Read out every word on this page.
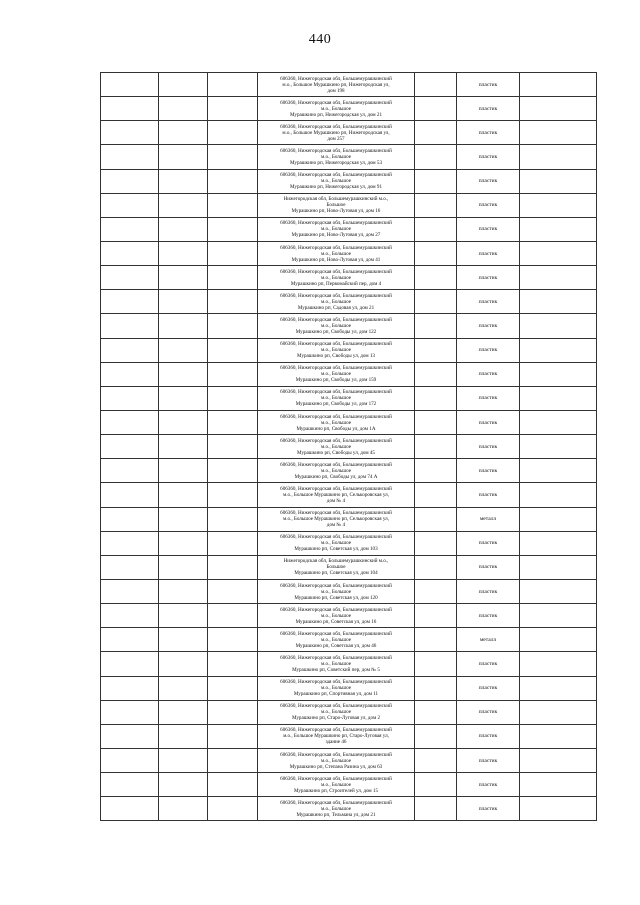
440
			606360, Нижегородская обл, Большемурашкинский
м.о., Большое Мурашкино рп, Нижегородская ул,
дом 198		пластик	
			606360, Нижегородская обл, Большемурашкинский
м.о., Большое
Мурашкино рп, Нижегородская ул, дом 21		пластик	
			606360, Нижегородская обл, Большемурашкинский
м.о., Большое Мурашкино рп, Нижегородская ул,
дом 257		пластик	
			606360, Нижегородская обл, Большемурашкинский
м.о., Большое
Мурашкино рп, Нижегородская ул, дом 53		пластик	
			606360, Нижегородская обл, Большемурашкинский
м.о., Большое
Мурашкино рп, Нижегородская ул, дом 91		пластик	
			Нижегородская обл, Большемурашкинский м.о.,
Большое
Мурашкино рп, Ново-Луговая ул, дом 16		пластик	
			606360, Нижегородская обл, Большемурашкинский
м.о., Большое
Мурашкино рп, Ново-Луговая ул, дом 27		пластик	
			606360, Нижегородская обл, Большемурашкинский
м.о., Большое
Мурашкино рп, Ново-Луговая ул, дом 41		пластик	
			606360, Нижегородская обл, Большемурашкинский
м.о., Большое
Мурашкино рп, Первомайский пер, дом 4		пластик	
			606360, Нижегородская обл, Большемурашкинский
м.о., Большое
Мурашкино рп, Садовая ул, дом 21		пластик	
			606360, Нижегородская обл, Большемурашкинский
м.о., Большое
Мурашкино рп, Свободы ул, дом 122		пластик	
			606360, Нижегородская обл, Большемурашкинский
м.о., Большое
Мурашкино рп, Свободы ул, дом 13		пластик	
			606360, Нижегородская обл, Большемурашкинский
м.о., Большое
Мурашкино рп, Свободы ул, дом 159		пластик	
			606360, Нижегородская обл, Большемурашкинский
м.о., Большое
Мурашкино рп, Свободы ул, дом 172		пластик	
			606360, Нижегородская обл, Большемурашкинский
м.о., Большое
Мурашкино рп, Свободы ул, дом 1А		пластик	
			606360, Нижегородская обл, Большемурашкинский
м.о., Большое
Мурашкино рп, Свободы ул, дом 45		пластик	
			606360, Нижегородская обл, Большемурашкинский
м.о., Большое
Мурашкино рп, Свободы ул, дом 74 А		пластик	
			606360, Нижегородская обл, Большемурашкинский
м.о., Большое Мурашкино рп, Селькоровская ул,
дом № 4		пластик	
			606360, Нижегородская обл, Большемурашкинский
м.о., Большое Мурашкино рп, Селькоровская ул,
дом № 4		металл	
			606360, Нижегородская обл, Большемурашкинский
м.о., Большое
Мурашкино рп, Советская ул, дом 103		пластик	
			Нижегородская обл, Большемурашкинский м.о.,
Большое
Мурашкино рп, Советская ул, дом 104		пластик	
			606360, Нижегородская обл, Большемурашкинский
м.о., Большое
Мурашкино рп, Советская ул, дом 120		пластик	
			606360, Нижегородская обл, Большемурашкинский
м.о., Большое
Мурашкино рп, Советская ул, дом 16		пластик	
			606360, Нижегородская обл, Большемурашкинский
м.о., Большое
Мурашкино рп, Советская ул, дом 46		металл	
			606360, Нижегородская обл, Большемурашкинский
м.о., Большое
Мурашкино рп, Советский пер, дом № 5		пластик	
			606360, Нижегородская обл, Большемурашкинский
м.о., Большое
Мурашкино рп, Спортивная ул, дом 11		пластик	
			606360, Нижегородская обл, Большемурашкинский
м.о., Большое
Мурашкино рп, Старо-Луговая ул, дом 2		пластик	
			606360, Нижегородская обл, Большемурашкинский
м.о., Большое Мурашкино рп, Старо-Луговая ул,
здание 46		пластик	
			606360, Нижегородская обл, Большемурашкинский
м.о., Большое
Мурашкино рп, Степана Разина ул, дом 63		пластик	
			606360, Нижегородская обл, Большемурашкинский
м.о., Большое
Мурашкино рп, Строителей ул, дом 15		пластик	
			606360, Нижегородская обл, Большемурашкинский
м.о., Большое
Мурашкино рп, Тельмана ул, дом 21		пластик	
